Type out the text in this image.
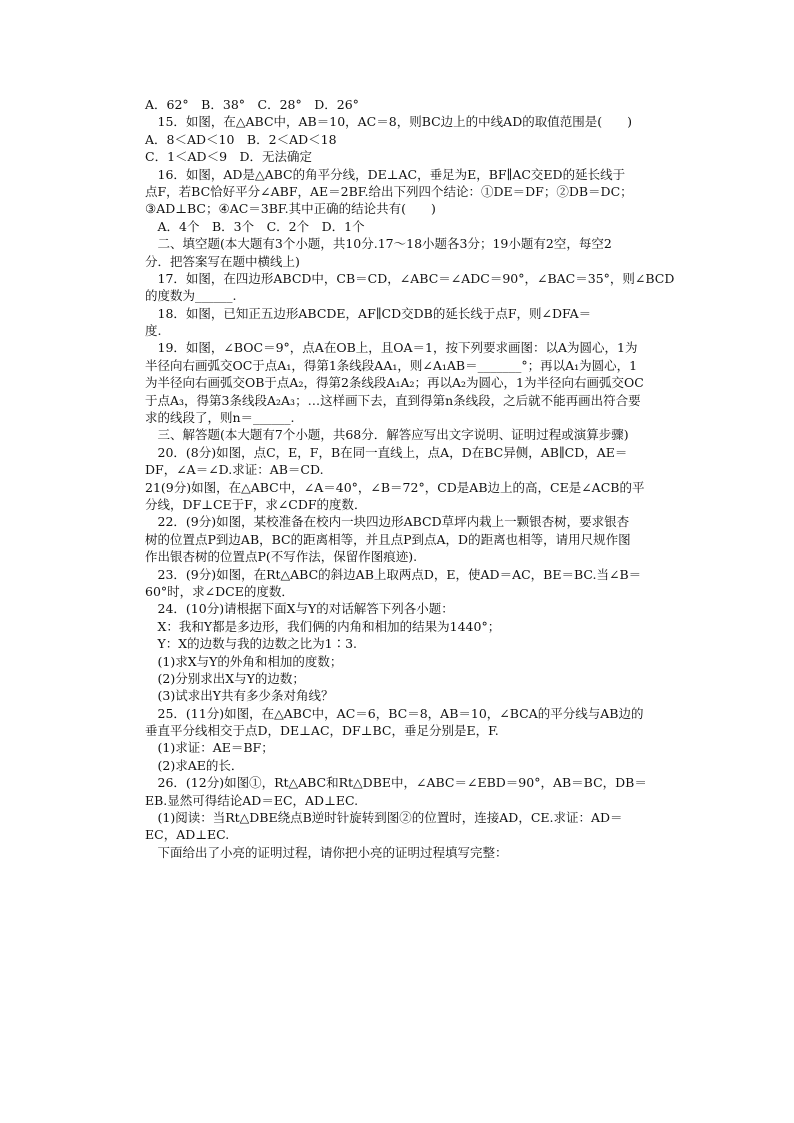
A．62°　B．38°　C．28°　D．26°
　15．如图，在△ABC中，AB＝10，AC＝8，则BC边上的中线AD的取值范围是(　　)
A．8＜AD＜10　B．2＜AD＜18
C．1＜AD＜9　D．无法确定
　16．如图，AD是△ABC的角平分线，DE⊥AC，垂足为E，BF∥AC交ED的延长线于
点F，若BC恰好平分∠ABF，AE＝2BF.给出下列四个结论：①DE＝DF；②DB＝DC；
③AD⊥BC；④AC＝3BF.其中正确的结论共有(　　)
　A．4个　B．3个　C．2个　D．1个
　二、填空题(本大题有3个小题，共10分.17～18小题各3分；19小题有2空，每空2
分．把答案写在题中横线上)
　17．如图，在四边形ABCD中，CB＝CD，∠ABC＝∠ADC＝90°，∠BAC＝35°，则∠BCD
的度数为______.
　18．如图，已知正五边形ABCDE，AF∥CD交DB的延长线于点F，则∠DFA＝
度.
　19．如图，∠BOC＝9°，点A在OB上，且OA＝1，按下列要求画图：以A为圆心，1为
半径向右画弧交OC于点A₁，得第1条线段AA₁，则∠A₁AB＝_______°；再以A₁为圆心，1
为半径向右画弧交OB于点A₂，得第2条线段A₁A₂；再以A₂为圆心，1为半径向右画弧交OC
于点A₃，得第3条线段A₂A₃；…这样画下去，直到得第n条线段，之后就不能再画出符合要
求的线段了，则n＝______.
　三、解答题(本大题有7个小题，共68分．解答应写出文字说明、证明过程或演算步骤)
　20．(8分)如图，点C，E，F，B在同一直线上，点A，D在BC异侧，AB∥CD，AE＝
DF，∠A＝∠D.求证：AB＝CD.
21(9分)如图，在△ABC中，∠A＝40°，∠B＝72°，CD是AB边上的高，CE是∠ACB的平
分线，DF⊥CE于F，求∠CDF的度数．
　22．(9分)如图，某校准备在校内一块四边形ABCD草坪内栽上一颗银杏树，要求银杏
树的位置点P到边AB，BC的距离相等，并且点P到点A，D的距离也相等，请用尺规作图
作出银杏树的位置点P(不写作法，保留作图痕迹).
　23．(9分)如图，在Rt△ABC的斜边AB上取两点D，E，使AD＝AC，BE＝BC.当∠B＝
60°时，求∠DCE的度数．
　24．(10分)请根据下面X与Y的对话解答下列各小题：
　X：我和Y都是多边形，我们俩的内角和相加的结果为1440°；
　Y：X的边数与我的边数之比为1∶3.
　(1)求X与Y的外角和相加的度数；
　(2)分别求出X与Y的边数；
　(3)试求出Y共有多少条对角线？
　25．(11分)如图，在△ABC中，AC＝6，BC＝8，AB＝10，∠BCA的平分线与AB边的
垂直平分线相交于点D，DE⊥AC，DF⊥BC，垂足分别是E，F.
　(1)求证：AE＝BF；
　(2)求AE的长．
　26．(12分)如图①，Rt△ABC和Rt△DBE中，∠ABC＝∠EBD＝90°，AB＝BC，DB＝
EB.显然可得结论AD＝EC，AD⊥EC.
　(1)阅读：当Rt△DBE绕点B逆时针旋转到图②的位置时，连接AD，CE.求证：AD＝
EC，AD⊥EC.
　下面给出了小亮的证明过程，请你把小亮的证明过程填写完整：
